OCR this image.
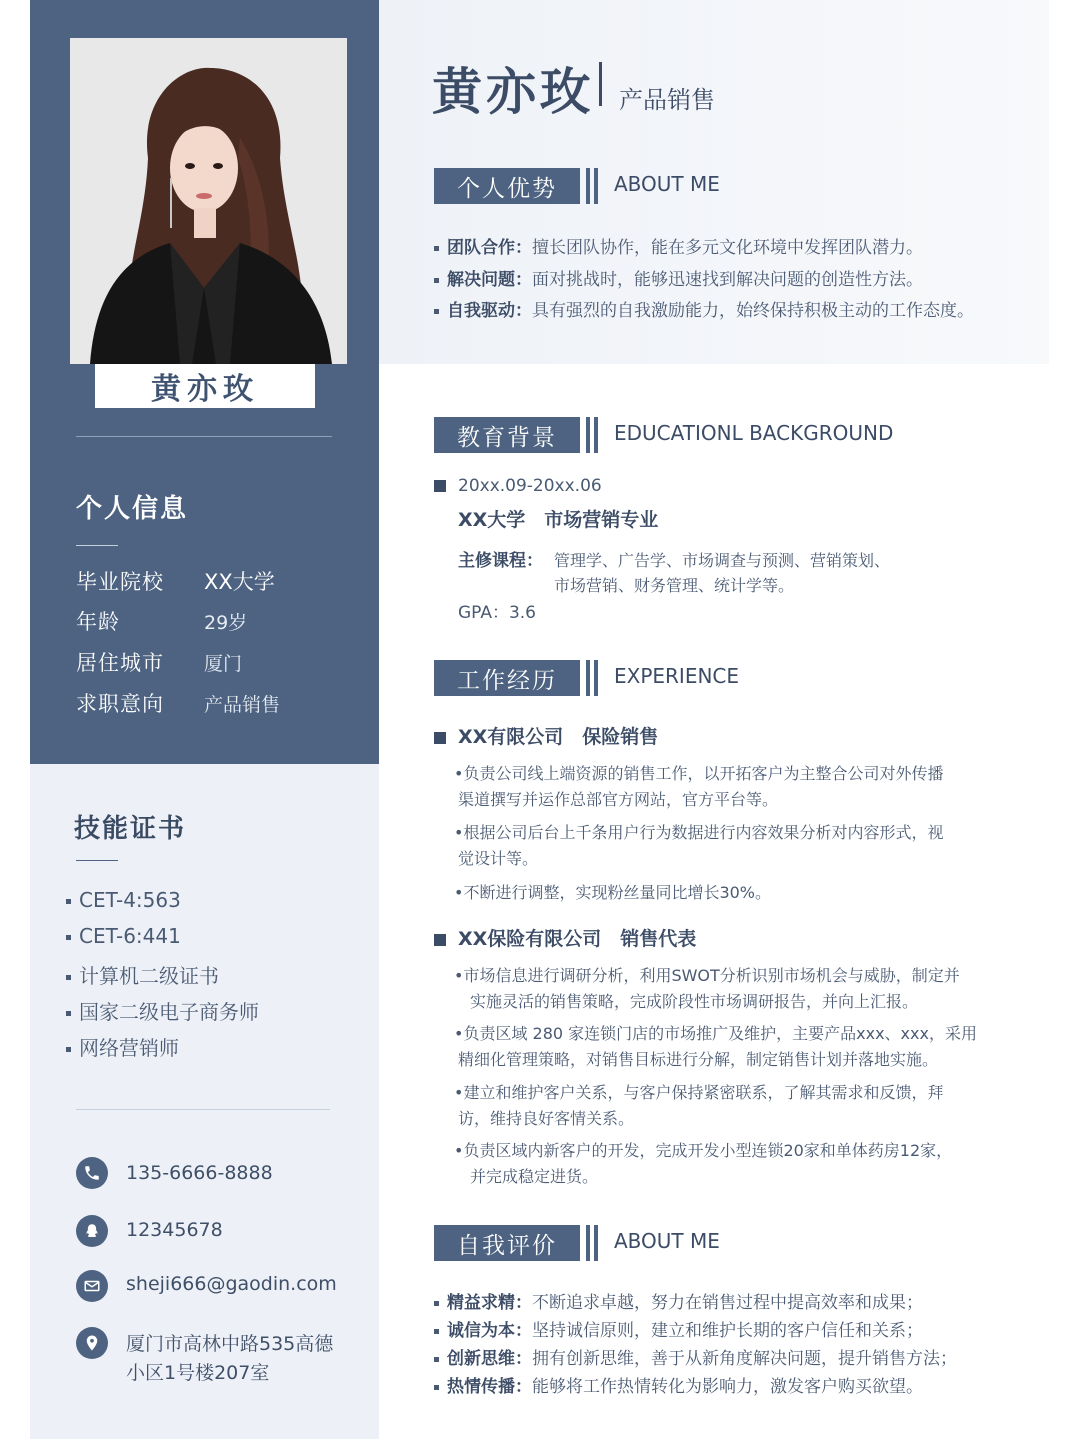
黄亦玫
个人信息
毕业院校 XX大学
年龄	29岁
居住城市 厦门
求职意向 产品销售
技能证书
CET-4:563
CET-6:441
计算机二级证书
国家二级电子商务师
网络营销师
135-6666-8888
12345678
sheji666@gaodin.com
厦门市高林中路535高德
小区1号楼207室
黄亦玫 产品销售
个人优势	ABOUT ME
团队合作：擅长团队协作，能在多元文化环境中发挥团队潜力。
解决问题：面对挑战时，能够迅速找到解决问题的创造性方法。
自我驱动：具有强烈的自我激励能力，始终保持积极主动的工作态度。
教育背景	EDUCATIONL BACKGROUND
20xx.09-20xx.06
XX大学　市场营销专业
主修课程： 管理学、广告学、市场调查与预测、营销策划、
市场营销、财务管理、统计学等。
GPA：3.6
工作经历	EXPERIENCE
XX有限公司　保险销售
•负责公司线上端资源的销售工作，以开拓客户为主整合公司对外传播
渠道撰写并运作总部官方网站，官方平台等。
•根据公司后台上千条用户行为数据进行内容效果分析对内容形式，视
觉设计等。
•不断进行调整，实现粉丝量同比增长30%。
XX保险有限公司　销售代表
•市场信息进行调研分析，利用SWOT分析识别市场机会与威胁，制定并
实施灵活的销售策略，完成阶段性市场调研报告，并向上汇报。
•负责区域 280 家连锁门店的市场推广及维护，主要产品xxx、xxx，采用
精细化管理策略，对销售目标进行分解，制定销售计划并落地实施。
•建立和维护客户关系，与客户保持紧密联系，了解其需求和反馈，拜
访，维持良好客情关系。
•负责区域内新客户的开发，完成开发小型连锁20家和单体药房12家，
并完成稳定进货。
自我评价	ABOUT ME
精益求精：不断追求卓越，努力在销售过程中提高效率和成果；
诚信为本：坚持诚信原则，建立和维护长期的客户信任和关系；
创新思维：拥有创新思维，善于从新角度解决问题，提升销售方法；
热情传播：能够将工作热情转化为影响力，激发客户购买欲望。
